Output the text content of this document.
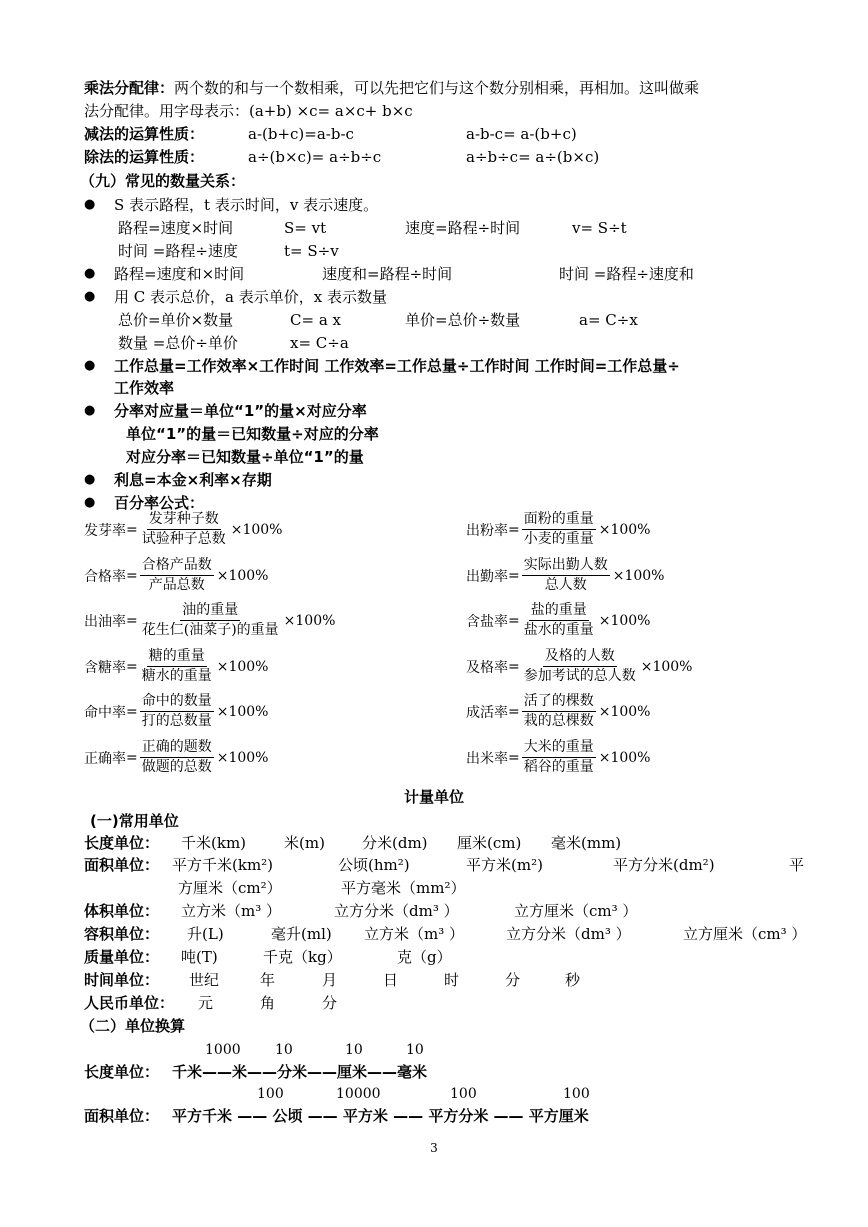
乘法分配律：两个数的和与一个数相乘，可以先把它们与这个数分别相乘，再相加。这叫做乘
法分配律。用字母表示：(a+b) ×c= a×c+ b×c
减法的运算性质：	a-(b+c)=a-b-c	a-b-c= a-(b+c)
除法的运算性质：	a÷(b×c)= a÷b÷c	a÷b÷c= a÷(b×c)
（九）常见的数量关系：
● S 表示路程，t 表示时间，v 表示速度。
路程=速度×时间	S= vt	速度=路程÷时间	v= S÷t
时间 =路程÷速度	t= S÷v
● 路程=速度和×时间	速度和=路程÷时间	时间 =路程÷速度和
● 用 C 表示总价，a 表示单价，x 表示数量
总价=单价×数量	C= a x	单价=总价÷数量	a= C÷x
数量 =总价÷单价	x= C÷a
● 工作总量=工作效率×工作时间 工作效率=工作总量÷工作时间 工作时间=工作总量÷
工作效率
● 分率对应量＝单位“1”的量×对应分率
单位“1”的量＝已知数量÷对应的分率
对应分率＝已知数量÷单位“1”的量
● 利息=本金×利率×存期
● 百分率公式：
发芽率 = $\frac{\text{发芽种子数}}{\text{试验种子总数}} \times 100\%$	出粉率 = $\frac{\text{面粉的重量}}{\text{小麦的重量}} \times 100\%$
合格率 = $\frac{\text{合格产品数}}{\text{产品总数}} \times 100\%$	出勤率 = $\frac{\text{实际出勤人数}}{\text{总人数}} \times 100\%$
出油率 = $\frac{\text{油的重量}}{\text{花生仁(油菜子)的重量}} \times 100\%$	含盐率 = $\frac{\text{盐的重量}}{\text{盐水的重量}} \times 100\%$
含糖率 = $\frac{\text{糖的重量}}{\text{糖水的重量}} \times 100\%$	及格率 = $\frac{\text{及格的人数}}{\text{参加考试的总人数}} \times 100\%$
命中率 = $\frac{\text{命中的数量}}{\text{打的总数量}} \times 100\%$	成活率 = $\frac{\text{活了的棵数}}{\text{栽的总棵数}} \times 100\%$
正确率 = $\frac{\text{正确的题数}}{\text{做题的总数}} \times 100\%$	出米率 = $\frac{\text{大米的重量}}{\text{稻谷的重量}} \times 100\%$
计量单位
(一)常用单位
长度单位： 千米(km)	米(m) 分米(dm) 厘米(cm) 毫米(mm)
面积单位： 平方千米(km²)	公顷(hm²)	平方米(m²)	平方分米(dm²)	平
方厘米（cm²）	平方毫米（mm²）
体积单位： 立方米（m³ ）	立方分米（dm³ ）	立方厘米（cm³ ）
容积单位： 升(L)	毫升(ml) 立方米（m³ ）	立方分米（dm³ ）	立方厘米（cm³ ）
质量单位： 吨(T)	千克（kg）	克（g）
时间单位： 世纪	年	月	日	时	分	秒
人民币单位： 元	角	分
（二）单位换算
1000 10	10	10
长度单位： 千米——米——分米——厘米——毫米
100	10000	100	100
面积单位： 平方千米 —— 公顷 —— 平方米 —— 平方分米 —— 平方厘米
3
